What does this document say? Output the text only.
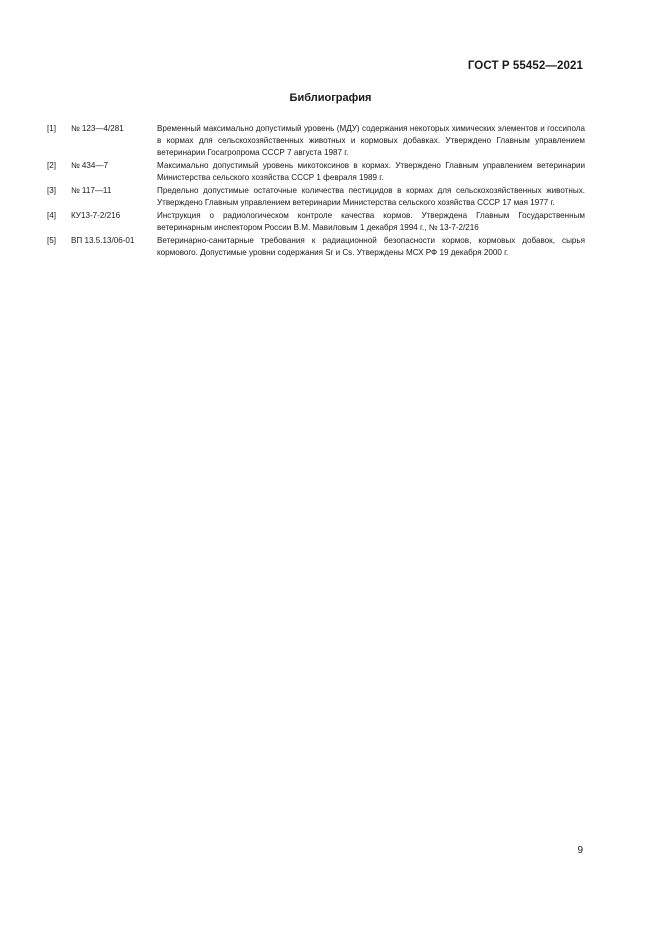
ГОСТ Р 55452—2021
Библиография
[1]	№ 123—4/281	Временный максимально допустимый уровень (МДУ) содержания некоторых химических элементов и госсипола в кормах для сельскохозяйственных животных и кормовых добавках. Утверждено Главным управлением ветеринарии Госагропрома СССР 7 августа 1987 г.
[2]	№ 434—7	Максимально допустимый уровень микотоксинов в кормах. Утверждено Главным управлением ветеринарии Министерства сельского хозяйства СССР 1 февраля 1989 г.
[3]	№ 117—11	Предельно допустимые остаточные количества пестицидов в кормах для сельскохозяйственных животных. Утверждено Главным управлением ветеринарии Министерства сельского хозяйства СССР 17 мая 1977 г.
[4]	КУ13-7-2/216	Инструкция о радиологическом контроле качества кормов. Утверждена Главным Государственным ветеринарным инспектором России В.М. Мавиловым 1 декабря 1994 г., № 13-7-2/216
[5]	ВП 13.5.13/06-01	Ветеринарно-санитарные требования к радиационной безопасности кормов, кормовых добавок, сырья кормового. Допустимые уровни содержания Sr и Cs. Утверждены МСХ РФ 19 декабря 2000 г.
9
